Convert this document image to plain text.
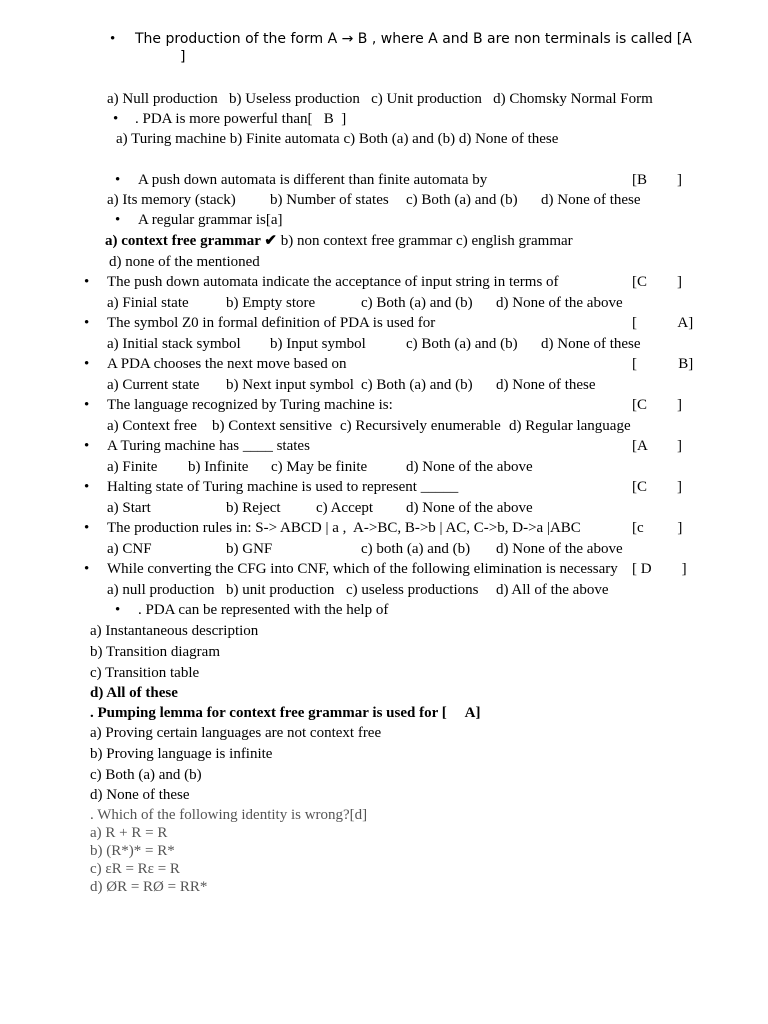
• The production of the form A → B , where A and B are non terminals is called [A
]
a) Null production   b) Useless production   c) Unit production   d) Chomsky Normal Form
• . PDA is more powerful than[   B  ]
a) Turing machine b) Finite automata c) Both (a) and (b) d) None of these
• A push down automata is different than finite automata by	[B        ]
a) Its memory (stack) b) Number of states c) Both (a) and (b) d) None of these
• A regular grammar is[a]
a) context free grammar ✔ b) non context free grammar c) english grammar
d) none of the mentioned
• The push down automata indicate the acceptance of input string in terms of	[C        ]
a) Finial state b) Empty store	c) Both (a) and (b) d) None of the above
• The symbol Z0 in formal definition of PDA is used for	[           A]
a) Initial stack symbol b) Input symbol	c) Both (a) and (b) d) None of these
• A PDA chooses the next move based on	[           B]
a) Current state b) Next input symbol c) Both (a) and (b) d) None of these
• The language recognized by Turing machine is:	[C        ]
a) Context free b) Context sensitive c) Recursively enumerable d) Regular language
• A Turing machine has ____ states	[A        ]
a) Finite b) Infinite c) May be finite	d) None of the above
• Halting state of Turing machine is used to represent _____	[C        ]
a) Start	b) Reject c) Accept d) None of the above
• The production rules in: S-> ABCD | a ,  A->BC, B->b | AC, C->b, D->a |ABC	[c         ]
a) CNF	b) GNF	c) both (a) and (b) d) None of the above
• While converting the CFG into CNF, which of the following elimination is necessary [ D        ]
a) null production b) unit production c) useless productions d) All of the above
• . PDA can be represented with the help of
a) Instantaneous description
b) Transition diagram
c) Transition table
d) All of these
. Pumping lemma for context free grammar is used for [     A]
a) Proving certain languages are not context free
b) Proving language is infinite
c) Both (a) and (b)
d) None of these
. Which of the following identity is wrong?[d]
a) R + R = R
b) (R*)* = R*
c) εR = Rε = R
d) ØR = RØ = RR*
